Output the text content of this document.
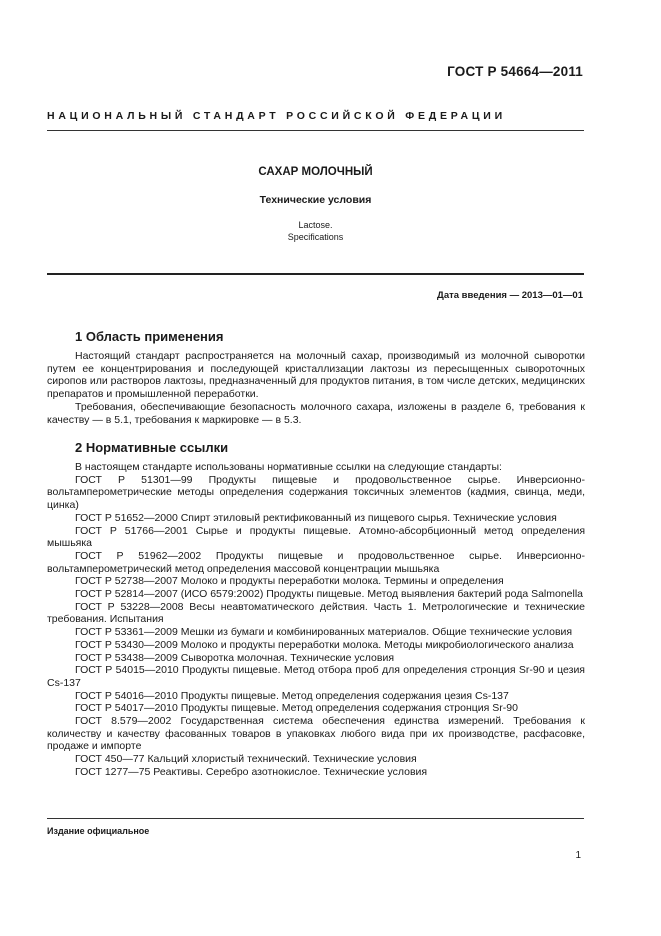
ГОСТ Р 54664—2011
НАЦИОНАЛЬНЫЙ СТАНДАРТ РОССИЙСКОЙ ФЕДЕРАЦИИ
САХАР МОЛОЧНЫЙ
Технические условия
Lactose.
Specifications
Дата введения — 2013—01—01
1 Область применения

Настоящий стандарт распространяется на молочный сахар, производимый из молочной сыворотки путем ее концентрирования и последующей кристаллизации лактозы из пересыщенных сывороточных сиропов или растворов лактозы, предназначенный для продуктов питания, в том числе детских, медицинских препаратов и промышленной переработки.

Требования, обеспечивающие безопасность молочного сахара, изложены в разделе 6, требования к качеству — в 5.1, требования к маркировке — в 5.3.

2 Нормативные ссылки

В настоящем стандарте использованы нормативные ссылки на следующие стандарты:

ГОСТ Р 51301—99 Продукты пищевые и продовольственное сырье. Инверсионно-вольтамперометрические методы определения содержания токсичных элементов (кадмия, свинца, меди, цинка)

ГОСТ Р 51652—2000 Спирт этиловый ректификованный из пищевого сырья. Технические условия

ГОСТ Р 51766—2001 Сырье и продукты пищевые. Атомно-абсорбционный метод определения мышьяка

ГОСТ Р 51962—2002 Продукты пищевые и продовольственное сырье. Инверсионно-вольтамперометрический метод определения массовой концентрации мышьяка

ГОСТ Р 52738—2007 Молоко и продукты переработки молока. Термины и определения

ГОСТ Р 52814—2007 (ИСО 6579:2002) Продукты пищевые. Метод выявления бактерий рода Salmonella

ГОСТ Р 53228—2008 Весы неавтоматического действия. Часть 1. Метрологические и технические требования. Испытания

ГОСТ Р 53361—2009 Мешки из бумаги и комбинированных материалов. Общие технические условия

ГОСТ Р 53430—2009 Молоко и продукты переработки молока. Методы микробиологического анализа

ГОСТ Р 53438—2009 Сыворотка молочная. Технические условия

ГОСТ Р 54015—2010 Продукты пищевые. Метод отбора проб для определения стронция Sr-90 и цезия Cs-137

ГОСТ Р 54016—2010 Продукты пищевые. Метод определения содержания цезия Cs-137

ГОСТ Р 54017—2010 Продукты пищевые. Метод определения содержания стронция Sr-90

ГОСТ 8.579—2002 Государственная система обеспечения единства измерений. Требования к количеству и качеству фасованных товаров в упаковках любого вида при их производстве, расфасовке, продаже и импорте

ГОСТ 450—77 Кальций хлористый технический. Технические условия

ГОСТ 1277—75 Реактивы. Серебро азотнокислое. Технические условия

Издание официальное
1
